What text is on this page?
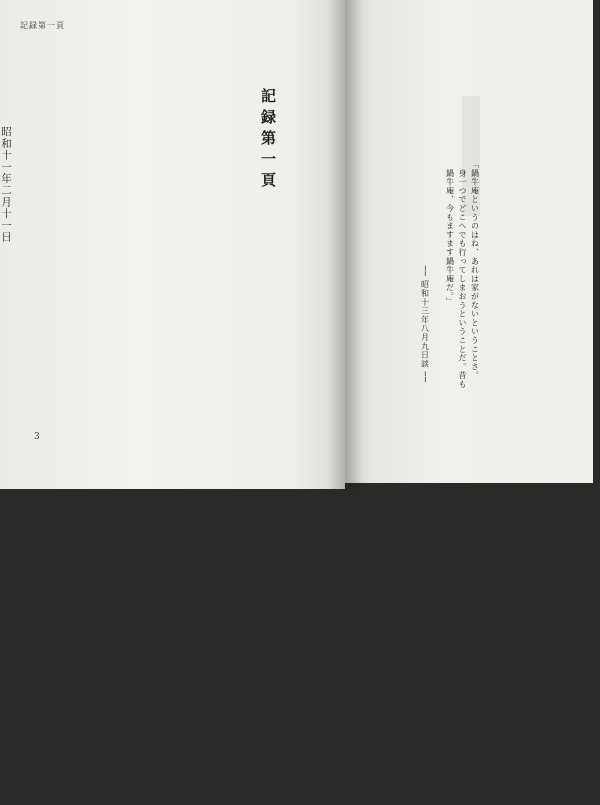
記録第一頁
記録第一頁
昭和十一年二月十一日

3
「鍋牛庵というのはね、あれは家がないということさ。
　身一つでどこへでも行ってしまおうということだ。昔も
　鍋牛庵、今もますます鍋牛庵だ。」

　　　　　　　　　　　　── 昭和十三年八月九日談
